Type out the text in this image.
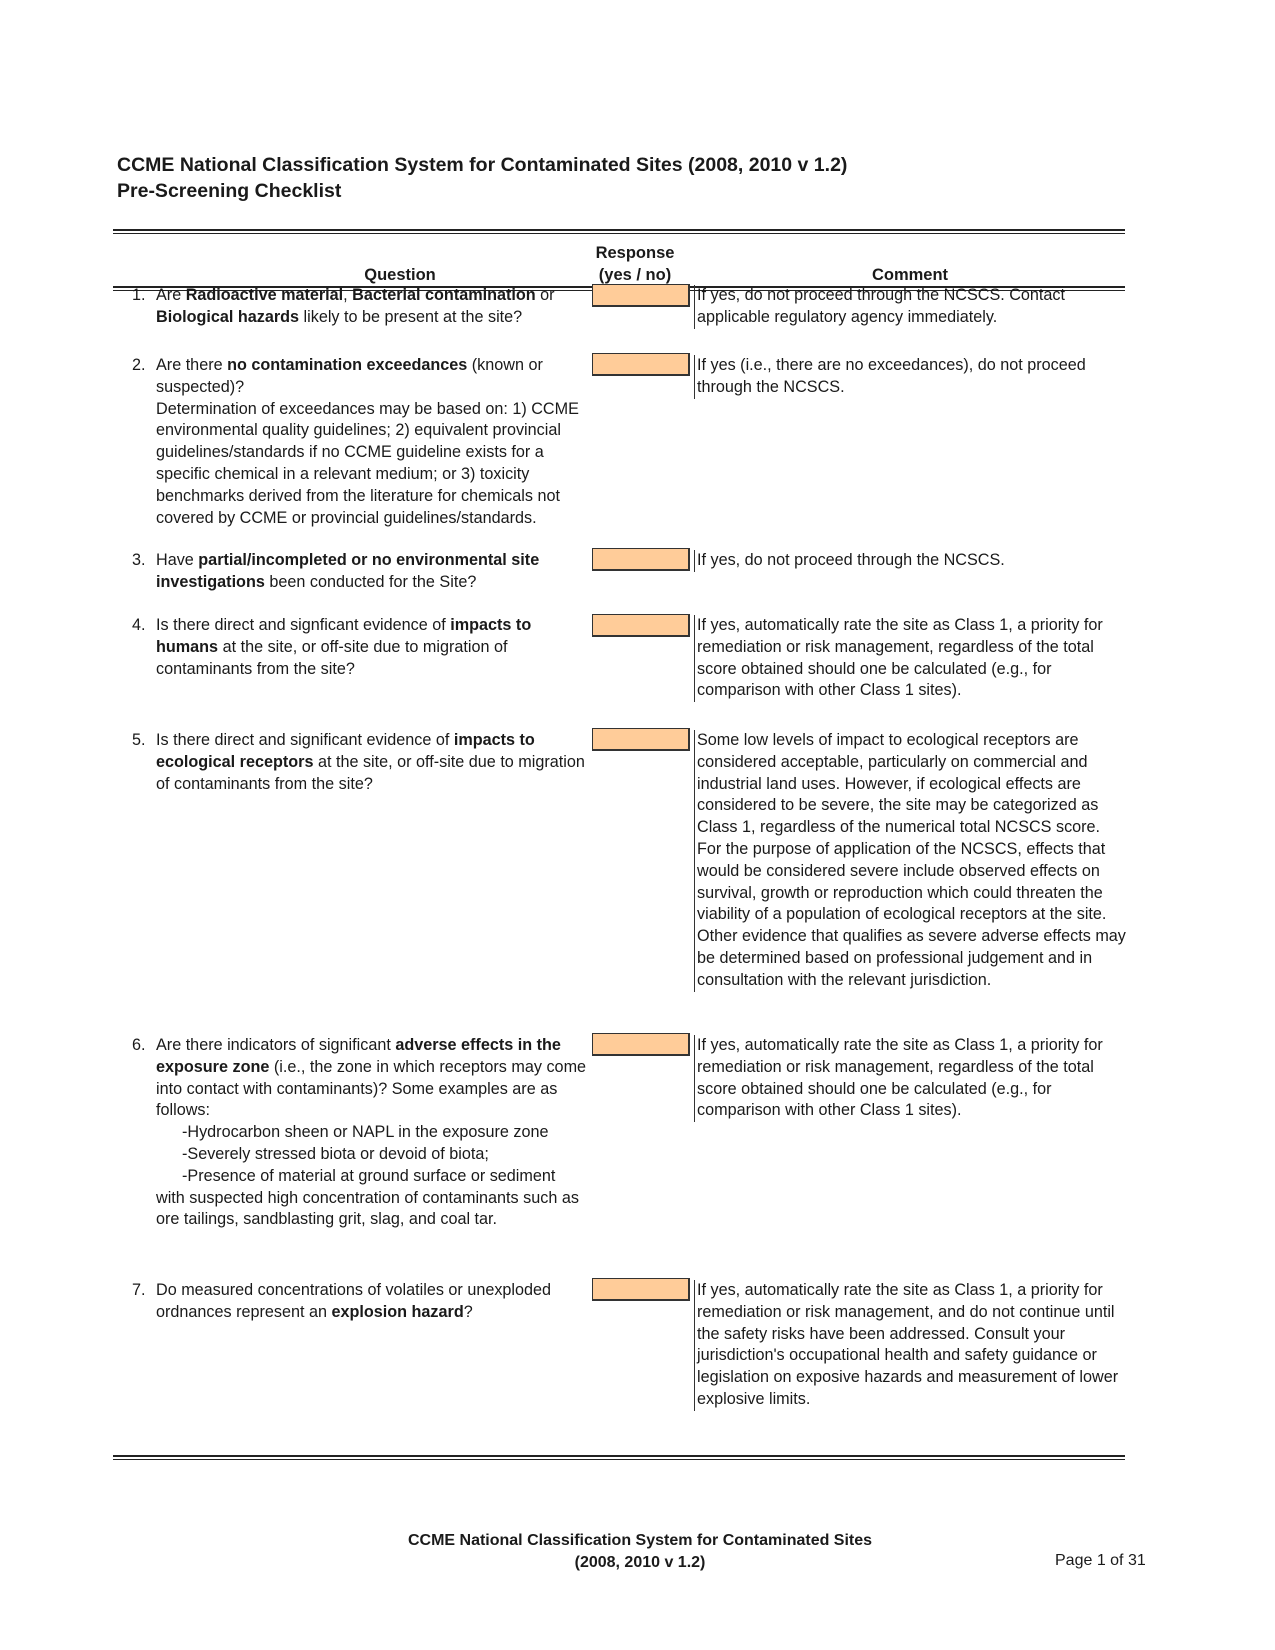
CCME National Classification System for Contaminated Sites (2008, 2010 v 1.2)
Pre-Screening Checklist
Question
Response
(yes / no)	Comment
1. Are Radioactive material, Bacterial contamination or Biological hazards likely to be present at the site?

If yes, do not proceed through the NCSCS. Contact applicable regulatory agency immediately.
2. Are there no contamination exceedances (known or suspected)?

Determination of exceedances may be based on: 1) CCME environmental quality guidelines; 2) equivalent provincial guidelines/standards if no CCME guideline exists for a specific chemical in a relevant medium; or 3) toxicity benchmarks derived from the literature for chemicals not covered by CCME or provincial guidelines/standards.

If yes (i.e., there are no exceedances), do not proceed through the NCSCS.
3. Have partial/incompleted or no environmental site investigations been conducted for the Site?

If yes, do not proceed through the NCSCS.
4. Is there direct and signficant evidence of impacts to humans at the site, or off-site due to migration of contaminants from the site?

If yes, automatically rate the site as Class 1, a priority for remediation or risk management, regardless of the total score obtained should one be calculated (e.g., for comparison with other Class 1 sites).
5. Is there direct and significant evidence of impacts to ecological receptors at the site, or off-site due to migration of contaminants from the site?

Some low levels of impact to ecological receptors are considered acceptable, particularly on commercial and industrial land uses. However, if ecological effects are considered to be severe, the site may be categorized as Class 1, regardless of the numerical total NCSCS score. For the purpose of application of the NCSCS, effects that would be considered severe include observed effects on survival, growth or reproduction which could threaten the viability of a population of ecological receptors at the site. Other evidence that qualifies as severe adverse effects may be determined based on professional judgement and in consultation with the relevant jurisdiction.
6. Are there indicators of significant adverse effects in the exposure zone (i.e., the zone in which receptors may come into contact with contaminants)? Some examples are as follows:

-Hydrocarbon sheen or NAPL in the exposure zone

-Severely stressed biota or devoid of biota;

-Presence of material at ground surface or sediment

with suspected high concentration of contaminants such as ore tailings, sandblasting grit, slag, and coal tar.

If yes, automatically rate the site as Class 1, a priority for remediation or risk management, regardless of the total score obtained should one be calculated (e.g., for comparison with other Class 1 sites).
7. Do measured concentrations of volatiles or unexploded ordnances represent an explosion hazard?

If yes, automatically rate the site as Class 1, a priority for remediation or risk management, and do not continue until the safety risks have been addressed. Consult your jurisdiction's occupational health and safety guidance or legislation on exposive hazards and measurement of lower explosive limits.
CCME National Classification System for Contaminated Sites
(2008, 2010 v 1.2)	Page 1 of 31
